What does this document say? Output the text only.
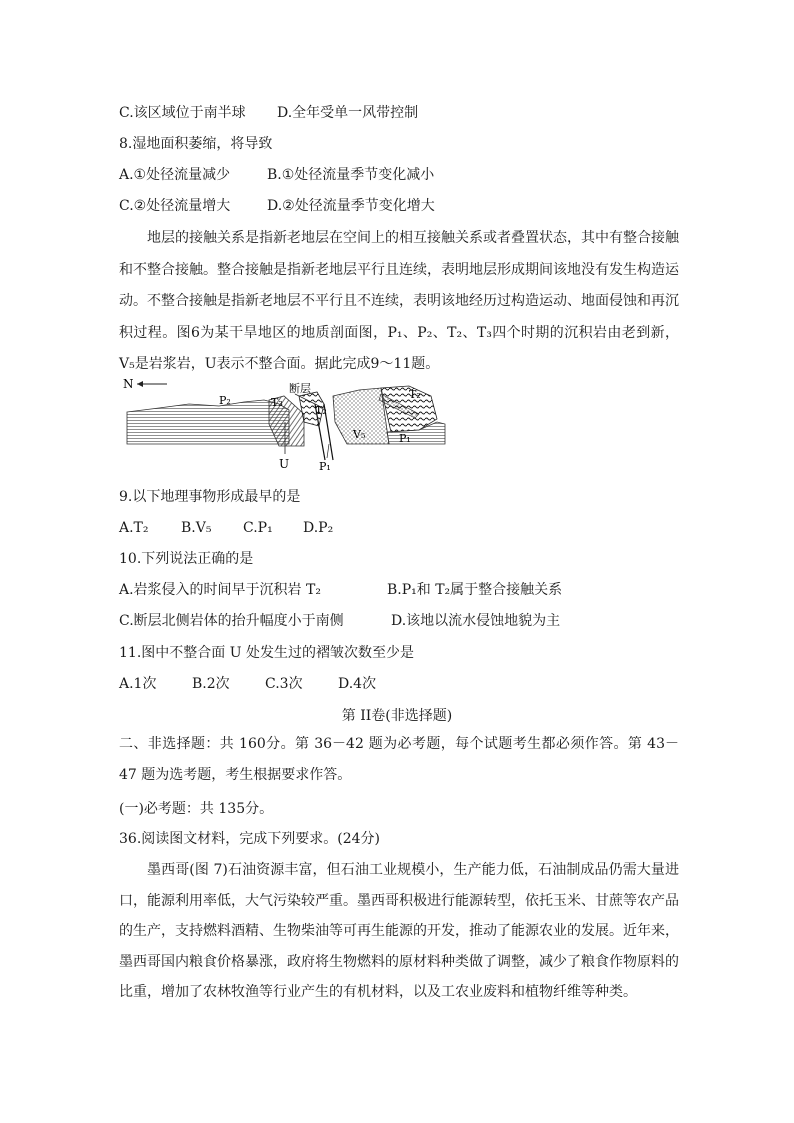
C.该区域位于南半球 D.全年受单一风带控制
8.湿地面积萎缩，将导致
A.①处径流量减少	B.①处径流量季节变化减小
C.②处径流量增大	D.②处径流量季节变化增大
地层的接触关系是指新老地层在空间上的相互接触关系或者叠置状态，其中有整合接触和不整合接触。整合接触是指新老地层平行且连续，表明地层形成期间该地没有发生构造运动。不整合接触是指新老地层不平行且不连续，表明该地经历过构造运动、地面侵蚀和再沉积过程。图6为某干旱地区的地质剖面图，P₁、P₂、T₂、T₃四个时期的沉积岩由老到新，V₅是岩浆岩，U表示不整合面。据此完成9～11题。
N
P₂	T₃
断层
T₂
T₂
V₅	P₁
P₁
U
9.以下地理事物形成最早的是
A.T₂ B.V₅ C.P₁ D.P₂
10.下列说法正确的是
A.岩浆侵入的时间早于沉积岩 T₂	B.P₁和 T₂属于整合接触关系
C.断层北侧岩体的抬升幅度小于南侧	D.该地以流水侵蚀地貌为主
11.图中不整合面 U 处发生过的褶皱次数至少是
A.1次	B.2次	C.3次	D.4次
第 II卷(非选择题)
二、非选择题：共 160分。第 36－42 题为必考题，每个试题考生都必须作答。第 43－47 题为选考题，考生根据要求作答。
(一)必考题：共 135分。
36.阅读图文材料，完成下列要求。(24分)
墨西哥(图 7)石油资源丰富，但石油工业规模小，生产能力低，石油制成品仍需大量进口，能源利用率低，大气污染较严重。墨西哥积极进行能源转型，依托玉米、甘蔗等农产品的生产，支持燃料酒精、生物柴油等可再生能源的开发，推动了能源农业的发展。近年来，墨西哥国内粮食价格暴涨，政府将生物燃料的原材料种类做了调整，减少了粮食作物原料的比重，增加了农林牧渔等行业产生的有机材料，以及工农业废料和植物纤维等种类。
